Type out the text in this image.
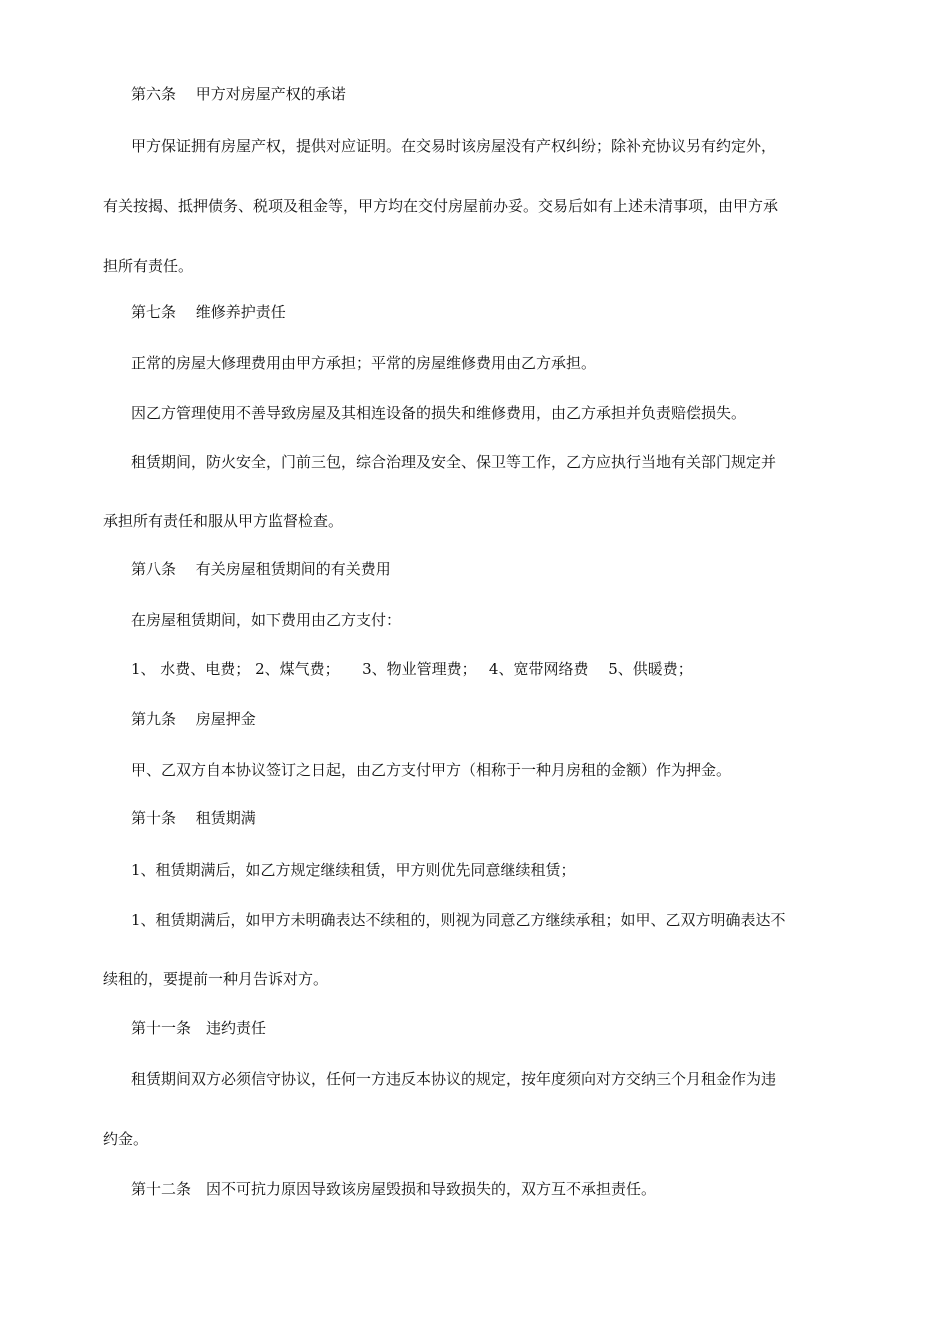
第六条　 甲方对房屋产权的承诺
甲方保证拥有房屋产权，提供对应证明。在交易时该房屋没有产权纠纷；除补充协议另有约定外，
有关按揭、抵押债务、税项及租金等，甲方均在交付房屋前办妥。交易后如有上述未清事项，由甲方承
担所有责任。
第七条　 维修养护责任
正常的房屋大修理费用由甲方承担；平常的房屋维修费用由乙方承担。
因乙方管理使用不善导致房屋及其相连设备的损失和维修费用，由乙方承担并负责赔偿损失。
租赁期间，防火安全，门前三包，综合治理及安全、保卫等工作，乙方应执行当地有关部门规定并
承担所有责任和服从甲方监督检查。
第八条　 有关房屋租赁期间的有关费用
在房屋租赁期间，如下费用由乙方支付：
1、 水费、电费； 2、煤气费；　　3、物业管理费；　 4、宽带网络费　 5、供暖费；
第九条　 房屋押金
甲、乙双方自本协议签订之日起，由乙方支付甲方（相称于一种月房租的金额）作为押金。
第十条　 租赁期满
1、租赁期满后，如乙方规定继续租赁，甲方则优先同意继续租赁；
1、租赁期满后，如甲方未明确表达不续租的，则视为同意乙方继续承租；如甲、乙双方明确表达不
续租的，要提前一种月告诉对方。
第十一条　违约责任
租赁期间双方必须信守协议，任何一方违反本协议的规定，按年度须向对方交纳三个月租金作为违
约金。
第十二条　因不可抗力原因导致该房屋毁损和导致损失的，双方互不承担责任。
